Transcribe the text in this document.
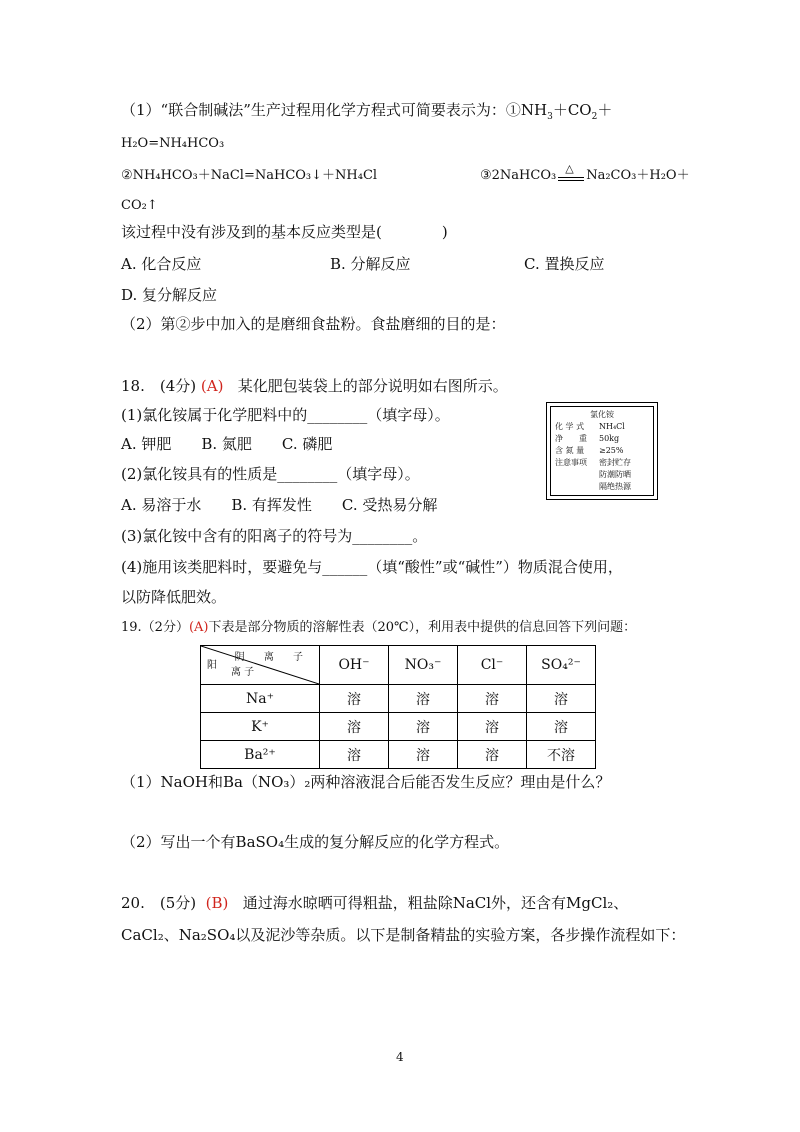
（1）“联合制碱法”生产过程用化学方程式可简要表示为：$①NH_3+CO_2+$
H₂O=NH₄HCO₃
②NH₄HCO₃＋NaCl=NaHCO₃↓＋NH₄Cl	③2NaHCO₃ △ Na₂CO₃＋H₂O＋
CO₂↑
该过程中没有涉及到的基本反应类型是(　　　　)
A. 化合反应	B. 分解反应	C. 置换反应
D. 复分解反应
（2）第②步中加入的是磨细食盐粉。食盐磨细的目的是：
18.　(4分) (A) 某化肥包装袋上的部分说明如右图所示。
(1)氯化铵属于化学肥料中的________（填字母）。
A. 钾肥　　B. 氮肥　　C. 磷肥
(2)氯化铵具有的性质是________（填字母）。
A. 易溶于水　　B. 有挥发性　　C. 受热易分解
(3)氯化铵中含有的阳离子的符号为________。
(4)施用该类肥料时，要避免与______（填“酸性”或“碱性”）物质混合使用，
以防降低肥效。
氯化铵
化 学 式	NH₄Cl
净　　重	50kg
含 氮 量	≥25%
注意事项	密封贮存
防潮防晒
隔绝热源
19.（2分）(A)下表是部分物质的溶解性表（20℃），利用表中提供的信息回答下列问题：
阴 离 子
阳
离 子	OH⁻	NO₃⁻	Cl⁻	SO₄²⁻
Na⁺	溶	溶	溶	溶
K⁺	溶	溶	溶	溶
Ba²⁺	溶	溶	溶	不溶
（1）NaOH和Ba（NO₃）₂两种溶液混合后能否发生反应？理由是什么？
（2）写出一个有BaSO₄生成的复分解反应的化学方程式。
20.　(5分) (B) 通过海水晾晒可得粗盐，粗盐除NaCl外，还含有MgCl₂、
CaCl₂、Na₂SO₄以及泥沙等杂质。以下是制备精盐的实验方案，各步操作流程如下：
4
